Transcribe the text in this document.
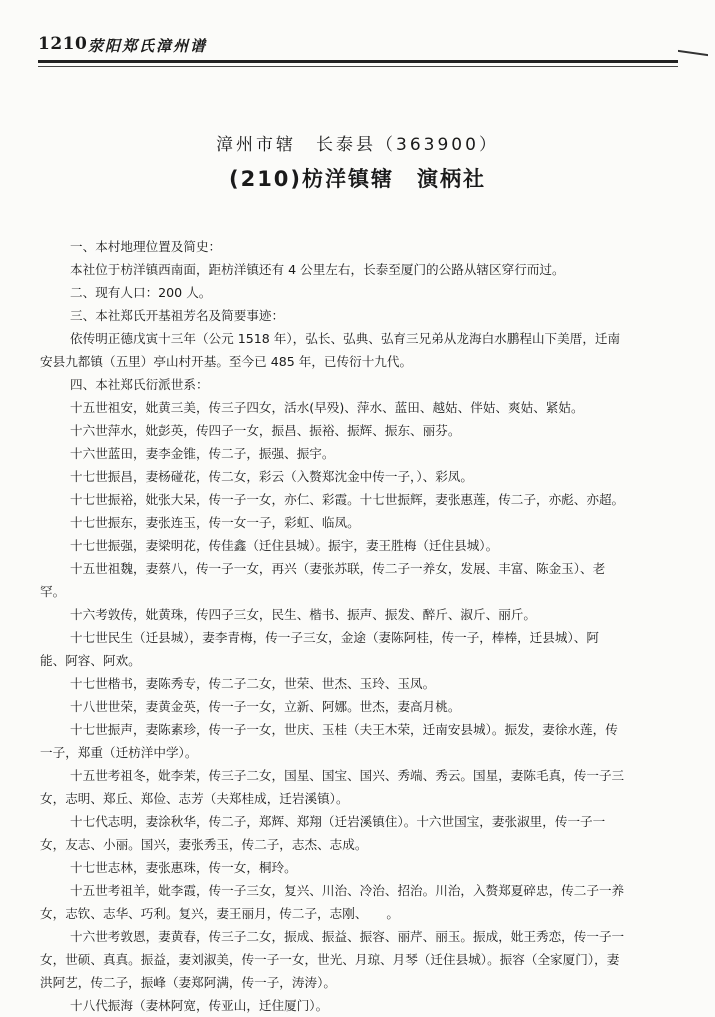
1210 荥阳郑氏漳州谱
漳州市辖　长泰县（363900）
(210)枋洋镇辖　演柄社
一、本村地理位置及简史：
本社位于枋洋镇西南面，距枋洋镇还有 4 公里左右，长泰至厦门的公路从辖区穿行而过。
二、现有人口：200 人。
三、本社郑氏开基祖芳名及简要事迹：
依传明正德戊寅十三年（公元 1518 年），弘长、弘典、弘育三兄弟从龙海白水鹏程山下美厝，迁南
安县九都镇（五里）亭山村开基。至今已 485 年，已传衍十九代。
四、本社郑氏衍派世系：
十五世祖安，妣黄三美，传三子四女，活水(早殁)、萍水、蓝田、越姑、伴姑、爽姑、紧姑。
十六世萍水，妣彭英，传四子一女，振昌、振裕、振辉、振东、丽芬。
十六世蓝田，妻李金锥，传二子，振强、振宇。
十七世振昌，妻杨碰花，传二女，彩云（入赘郑沈金中传一子，）、彩凤。
十七世振裕，妣张大呆，传一子一女，亦仁、彩霞。十七世振辉，妻张惠莲，传二子，亦彪、亦超。
十七世振东，妻张连玉，传一女一子，彩虹、临凤。
十七世振强，妻梁明花，传佳鑫（迁住县城）。振宇，妻王胜梅（迁住县城）。
十五世祖魏，妻蔡八，传一子一女，再兴（妻张苏联，传二子一养女，发展、丰富、陈金玉）、老
罕。
十六考敦传，妣黄珠，传四子三女，民生、楷书、振声、振发、醉斤、淑斤、丽斤。
十七世民生（迁县城），妻李青梅，传一子三女，金途（妻陈阿桂，传一子，棒棒，迁县城）、阿
能、阿容、阿欢。
十七世楷书，妻陈秀专，传二子二女，世荣、世杰、玉玲、玉凤。
十八世世荣，妻黄金英，传一子一女，立新、阿娜。世杰，妻高月桃。
十七世振声，妻陈素珍，传一子一女，世庆、玉桂（夫王木荣，迁南安县城）。振发，妻徐水莲，传
一子，郑重（迁枋洋中学）。
十五世考祖冬，妣李茉，传三子二女，国星、国宝、国兴、秀端、秀云。国星，妻陈毛真，传一子三
女，志明、郑丘、郑俭、志芳（夫郑桂成，迁岩溪镇）。
十七代志明，妻涂秋华，传二子，郑辉、郑翔（迁岩溪镇住）。十六世国宝，妻张淑里，传一子一
女，友志、小丽。国兴，妻张秀玉，传二子，志杰、志成。
十七世志林，妻张惠珠，传一女，桐玲。
十五世考祖羊，妣李霞，传一子三女，复兴、川治、冷治、招治。川治，入赘郑夏碎忠，传二子一养
女，志钦、志华、巧利。复兴，妻王丽月，传二子，志刚、　　。
十六世考敦恩，妻黄春，传三子二女，振成、振益、振容、丽芹、丽玉。振成，妣王秀恋，传一子一
女，世硕、真真。振益，妻刘淑美，传一子一女，世光、月琼、月琴（迁住县城）。振容（全家厦门），妻
洪阿艺，传二子，振峰（妻郑阿满，传一子，涛涛）。
十八代振海（妻林阿宽，传亚山，迁住厦门）。
